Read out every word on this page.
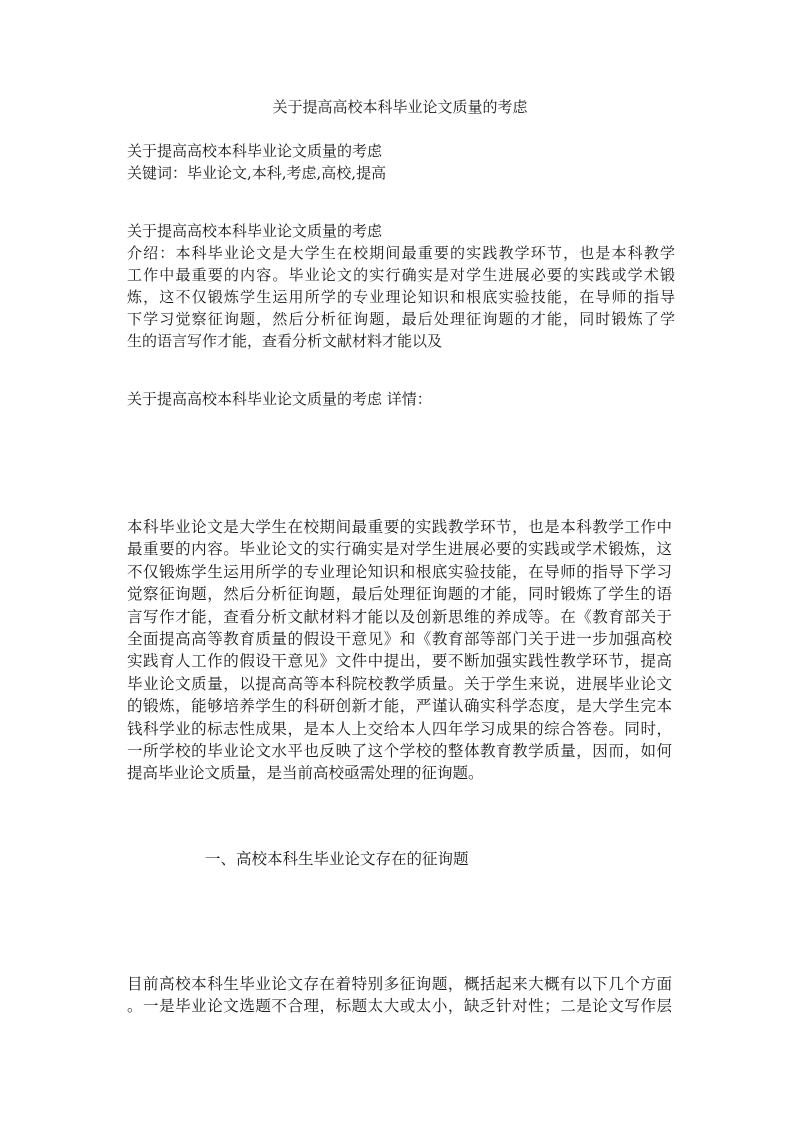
关于提高高校本科毕业论文质量的考虑
关于提高高校本科毕业论文质量的考虑
关键词：毕业论文,本科,考虑,高校,提高
关于提高高校本科毕业论文质量的考虑
介绍：本科毕业论文是大学生在校期间最重要的实践教学环节，也是本科教学
工作中最重要的内容。毕业论文的实行确实是对学生进展必要的实践或学术锻
炼，这不仅锻炼学生运用所学的专业理论知识和根底实验技能，在导师的指导
下学习觉察征询题，然后分析征询题，最后处理征询题的才能，同时锻炼了学
生的语言写作才能，查看分析文献材料才能以及
关于提高高校本科毕业论文质量的考虑 详情：
本科毕业论文是大学生在校期间最重要的实践教学环节，也是本科教学工作中
最重要的内容。毕业论文的实行确实是对学生进展必要的实践或学术锻炼，这
不仅锻炼学生运用所学的专业理论知识和根底实验技能，在导师的指导下学习
觉察征询题，然后分析征询题，最后处理征询题的才能，同时锻炼了学生的语
言写作才能，查看分析文献材料才能以及创新思维的养成等。在《教育部关于
全面提高高等教育质量的假设干意见》和《教育部等部门关于进一步加强高校
实践育人工作的假设干意见》文件中提出，要不断加强实践性教学环节，提高
毕业论文质量，以提高高等本科院校教学质量。关于学生来说，进展毕业论文
的锻炼，能够培养学生的科研创新才能，严谨认确实科学态度，是大学生完本
钱科学业的标志性成果，是本人上交给本人四年学习成果的综合答卷。同时，
一所学校的毕业论文水平也反映了这个学校的整体教育教学质量，因而，如何
提高毕业论文质量，是当前高校亟需处理的征询题。
一、高校本科生毕业论文存在的征询题
目前高校本科生毕业论文存在着特别多征询题，概括起来大概有以下几个方面
。一是毕业论文选题不合理，标题太大或太小，缺乏针对性；二是论文写作层
